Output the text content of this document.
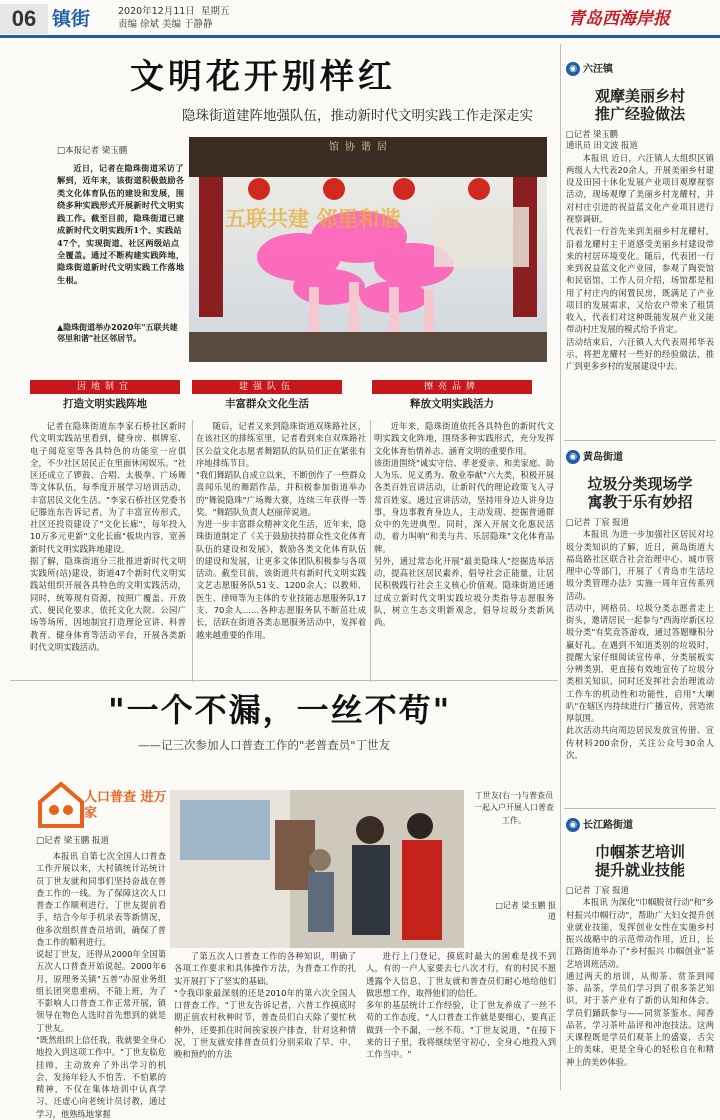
06 镇街	2020年12月11日 星期五
责编 徐斌 美编 于静静	青岛西海岸报
文明花开别样红
隐珠街道建阵地强队伍，推动新时代文明实践工作走深走实
□本报记者 梁玉鹏
近日，记者在隐珠街道采访了解到，近年来，该街道积极鼓励各类文化体育队伍的建设和发展，围绕多种实践形式开展新时代文明实践工作。截至目前，隐珠街道已建成新时代文明实践所1个、实践站47个，实现街道、社区两级站点全覆盖。通过不断构建实践阵地，隐珠街道新时代文明实践工作落地生根。
▲隐珠街道举办2020年"五联共建 邻里和谐"社区邻居节。
馆协谐居
五联共建 邻里和谐
因地制宜
打造文明实践阵地
建强队伍
丰富群众文化生活
擦亮品牌
释放文明实践活力
记者在隐珠街道东李家石桥社区新时代文明实践站里看到，健身房、棋牌室、电子阅览室等各具特色的功能室一应俱全，不少社区居民正在里面休闲娱乐。"社区还成立了锣鼓、合唱、太极拳、广场舞等文体队伍，每季度开展学习培训活动，丰富居民文化生活。"李家石桥社区党委书记滕连东告诉记者，为了丰富宣传形式，社区还投资建设了"文化长廊"，每年投入10万多元更新"文化长廊"板块内容，宽善新时代文明实践阵地建设。
据了解，隐珠街道分三批推进新时代文明实践所(站)建设，街道47个新时代文明实践站组织开展各具特色的文明实践活动，同时，统筹现有资源，按照广覆盖、开放式、便民化要求，依托文化大院、公园广场等场所，因地制宜打造理论宣讲、科普教育、健身体育等活动平台，开展各类新时代文明实践活动。
随后，记者又来到隐珠街道双珠路社区，在该社区的排练室里，记者看到来自双珠路社区公益文化志愿者舞蹈队的队员们正在紧张有序地排练节目。
"我们舞蹈队自成立以来，不断创作了一些群众喜闻乐见的舞蹈作品，并积极参加街道举办的"舞锐隐珠"广场舞大赛，连续三年获得一等奖。"舞蹈队负责人赵丽萍说道。
为进一步丰富群众精神文化生活，近年来，隐珠街道制定了《关于鼓励扶持群众性文化体育队伍的建设和发展》，数励各类文化体育队伍的建设和发展，让更多文体团队积极参与各项活动。截至目前，该街道共有新时代文明实践文艺志愿服务队51支、1200余人；以教师、医生、律师等为主体的专业技能志愿服务队17支、70余人……各种志愿服务队不断茁壮成长，活跃在街道各类志愿服务活动中，发挥着越来越重要的作用。
近年来，隐珠街道依托各具特色的新时代文明实践文化阵地，围绕多种实践形式，充分发挥文化体育怡情养志、涵育文明的重要作用。
该街道围绕"诚实守信、孝老爱亲、和美家庭、助人为乐、见义勇为、敬业奉献"六大类，积极开展各类百姓宣讲活动，让新时代的理论政策飞入寻常百姓家。通过宣讲活动，坚持用身边人讲身边事，身边事教育身边人，主动发现、挖掘普通群众中的先进典型。同时，深入开展文化惠民活动，着力叫响"和美与共、乐居隐珠"文化体育品牌。
另外，通过常态化开展"最美隐珠人"挖掘选举活动，提高社区居民素养，倡导社会正能量，让居民积极践行社会主义核心价值观。隐珠街道还通过成立新时代文明实践垃圾分类指导志愿服务队，树立生态文明新观念，倡导垃圾分类新风尚。
"一个不漏，一丝不苟"
——记三次参加人口普查工作的"老普查员"丁世友
人口普查 进万家
□记者 梁玉鹏 报道
本报讯 自第七次全国人口普查工作开展以来，大村镇统计站统计员丁世友就和同事们坚持奋战在普查工作的一线。为了保障这次人口普查工作顺利进行，丁世友提前看手，结合今年手机录表等新情况，他多次组织普查员培训，确保了普查工作的顺利进行。
说起丁世友，还得从2000年全国第五次人口普查开始说起。2000年6月，原理务关镇"五普"办原业务组组长团突患重病，不能上班，为了不影响人口普查工作正常开展，镇领导在物色人选时首先想到的就是丁世友。
"既然组织上信任我，我就要全身心地投入到这项工作中。"丁世友临危挂帅，主动放弃了外出学习的机会，发扬年轻人不怕苦、不怕累的精神，不仅在集体培训中认真学习，还虚心向老统计员讨教，通过学习，他熟练地掌握
丁世友(右一)与普查员一起入户开展人口普查工作。
□记者 梁玉鹏 报道
了第五次人口普查工作的各种知识，明确了各项工作要求和具体操作方法，为普查工作的扎实开展打下了坚实的基础。
"令我印象最深刻的还是2010年的第六次全国人口普查工作。"丁世友告诉记者，六普工作摸底时期正值农村秋种时节，普查员们白天除了要忙秋种外，还要抓住时间挨家挨户排查，针对这种情况，丁世友就安排普查员们分别采取了早、中、晚和预约的方法
进行上门登记，摸底时最大的困难是找不到人，有的一户人家要去七八次才行，有的村民不愿透露个人信息，丁世友就和普查员们耐心地给他们做思想工作，取得他们的信任。
多年的基层统计工作经验，让丁世友养成了一丝不苟的工作态度，"人口普查工作就是要细心，要真正做到一个不漏，一丝不苟。"丁世友说道，"在接下来的日子里，我将继续坚守初心，全身心地投入到工作当中。"
◉ 六汪镇
观摩美丽乡村
推广经验做法
□记者 梁玉鹏
通讯员 田文波 报道
本报讯 近日，六汪镇人大组织区镇两级人大代表20余人，开展美丽乡村建设及田园十休化发展产业项目观摩视察活动，现场观摩了美丽乡村龙耀村，并对村庄引进的祝益蓝文化产业项目进行视察调研。
代表们一行首先来到美丽乡村龙耀村，沿着龙耀村主干道感受美丽乡村建设带来的村居环境变化。随后，代表团一行来到祝益蓝文化产业园，参观了陶瓷馆和民宿馆，工作人员介绍，场馆都是租用了村庄内的闲置民房，既满足了产业项目的发展需求，又给农户带来了租赁收入，代表们对这种既能发展产业又能带动村庄发展的模式给予肯定。
活动结束后，六汪镇人大代表周邦华表示，将把龙耀村一些好的经验做法，推广到更多乡村的发展建设中去。
◉ 黄岛街道
垃圾分类现场学
寓教于乐有妙招
□记者 丁宸 报道
本报讯 为进一步加强社区居民对垃圾分类知识的了解，近日，黄岛街道大福岛路社区联合社会治理中心、城市管理中心等部门，开展了《青岛市生活垃圾分类管理办法》实施一周年宣传系列活动。
活动中，网格员、垃圾分类志愿者走上街头，邀请居民一起参与"西海岸新区垃圾分类"有奖竞答游戏，通过答题赚积分赢好礼。在遇到不知道类别的垃圾时，提醒大家仔细阅读宣传单，分类展板实分辨类别，更直接有效地宣传了垃圾分类相关知识。同时还发挥社会治理流动工作车的机动性和功能性，启用"大喇叭"在辖区内持续进行广播宣传，营造浓厚氛围。
此次活动共向周边居民发放宣传册、宣传材料200余份，关注公众号30余人次。
◉ 长江路街道
巾帼茶艺培训
提升就业技能
□记者 丁宸 报道
本报讯 为深化"巾帼脱贫行动"和"乡村振兴巾帼行动"，帮助广大妇女提升创业就业技能，发挥创业女性在实施乡村振兴战略中的示范带动作用，近日，长江路街道举办了"乡村振兴 巾帼创业"茶艺培训班活动。
通过两天的培训，从彻茶、赏茶到闻茶、品茶，学员们学习到了很多茶艺知识，对于茶产业有了新的认知和体会。学员们踊跃参与——同赏茶鉴水、闻香品茗，学习茶叶品评和冲泡技法。这两天课程既是学员们观茶上的盛宴，舌尖上的美味，更是全身心的轻松自在和精神上的美妙体验。
